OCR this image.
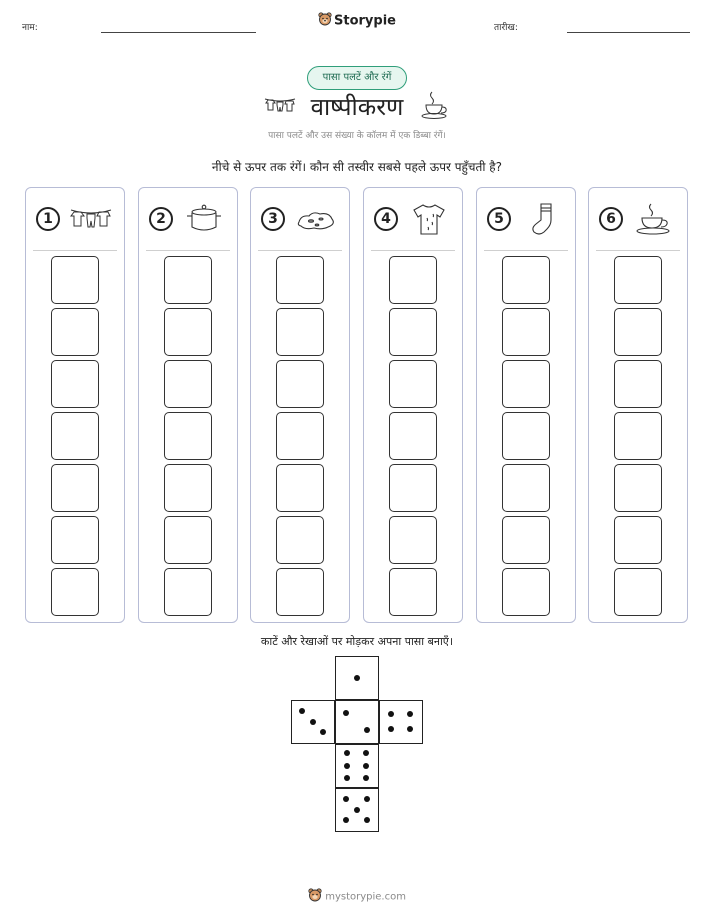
नाम:	Storypie	तारीख:
पासा पलटें और रंगें
वाष्पीकरण
पासा पलटें और उस संख्या के कॉलम में एक डिब्बा रंगें।
नीचे से ऊपर तक रंगें। कौन सी तस्वीर सबसे पहले ऊपर पहुँचती है?
1	2	3	4	5	6
काटें और रेखाओं पर मोड़कर अपना पासा बनाएँ।
mystorypie.com
